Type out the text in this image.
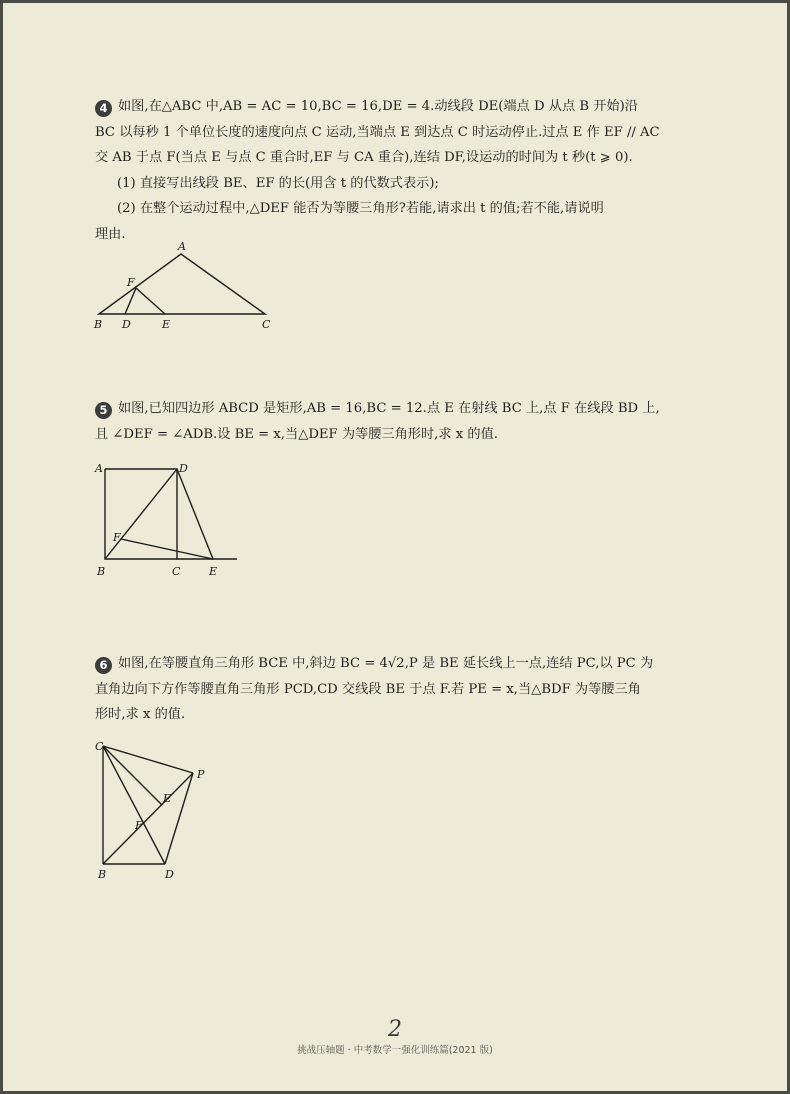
4 如图,在△ABC 中,AB = AC = 10,BC = 16,DE = 4.动线段 DE(端点 D 从点 B 开始)沿
BC 以每秒 1 个单位长度的速度向点 C 运动,当端点 E 到达点 C 时运动停止.过点 E 作 EF // AC
交 AB 于点 F(当点 E 与点 C 重合时,EF 与 CA 重合),连结 DF,设运动的时间为 t 秒(t ⩾ 0).
(1) 直接写出线段 BE、EF 的长(用含 t 的代数式表示);
(2) 在整个运动过程中,△DEF 能否为等腰三角形?若能,请求出 t 的值;若不能,请说明
理由.
A
F
B D	E	C
5 如图,已知四边形 ABCD 是矩形,AB = 16,BC = 12.点 E 在射线 BC 上,点 F 在线段 BD 上,
且 ∠DEF = ∠ADB.设 BE = x,当△DEF 为等腰三角形时,求 x 的值.
A	D
F
B	C	E
6 如图,在等腰直角三角形 BCE 中,斜边 BC = 4√2,P 是 BE 延长线上一点,连结 PC,以 PC 为
直角边向下方作等腰直角三角形 PCD,CD 交线段 BE 于点 F.若 PE = x,当△BDF 为等腰三角
形时,求 x 的值.
C
P
E
F
B	D
2
挑战压轴题 · 中考数学一强化训练篇(2021 版)
